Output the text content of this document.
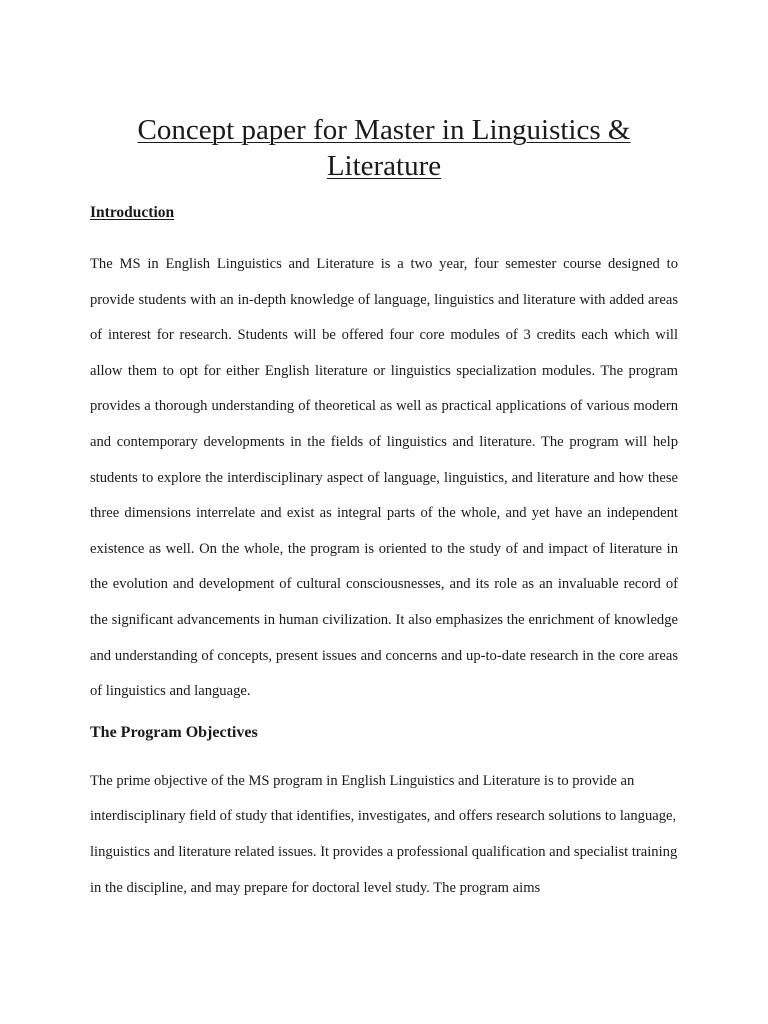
Concept paper for Master in Linguistics &
Literature
Introduction

The MS in English Linguistics and Literature is a two year, four semester course designed to provide students with an in-depth knowledge of language, linguistics and literature with added areas of interest for research. Students will be offered four core modules of 3 credits each which will allow them to opt for either English literature or linguistics specialization modules. The program provides a thorough understanding of theoretical as well as practical applications of various modern and contemporary developments in the fields of linguistics and literature. The program will help students to explore the interdisciplinary aspect of language, linguistics, and literature and how these three dimensions interrelate and exist as integral parts of the whole, and yet have an independent existence as well. On the whole, the program is oriented to the study of and impact of literature in the evolution and development of cultural consciousnesses, and its role as an invaluable record of the significant advancements in human civilization. It also emphasizes the enrichment of knowledge and understanding of concepts, present issues and concerns and up-to-date research in the core areas of linguistics and language.

The Program Objectives

The prime objective of the MS program in English Linguistics and Literature is to provide an interdisciplinary field of study that identifies, investigates, and offers research solutions to language, linguistics and literature related issues. It provides a professional qualification and specialist training in the discipline, and may prepare for doctoral level study. The program aims
